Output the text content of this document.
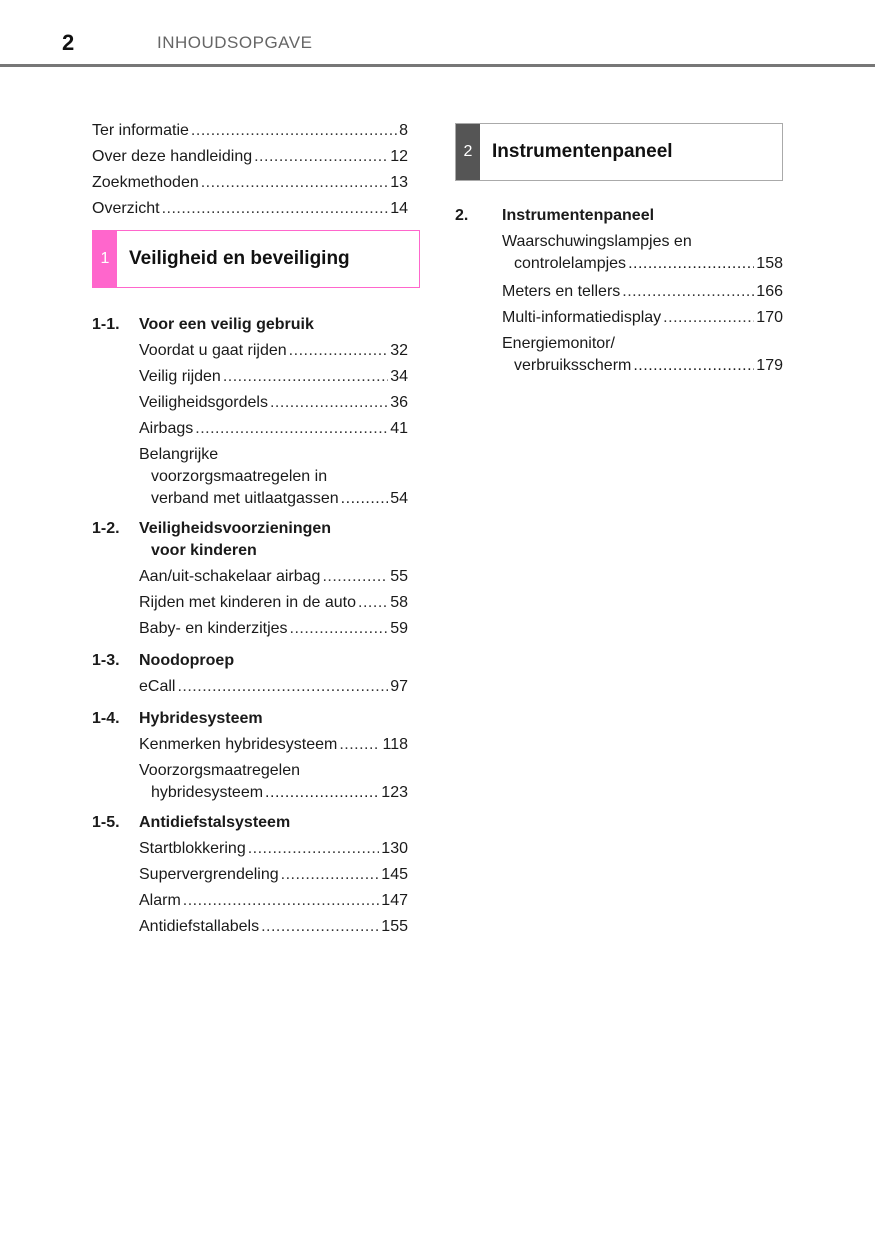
2	INHOUDSOPGAVE
Ter informatie .....	8
Over deze handleiding .....	12
Zoekmethoden .....	13
Overzicht .....	14
1	Veiligheid en beveiliging
1-1.	Voor een veilig gebruik
Voordat u gaat rijden .....	32
Veilig rijden .....	34
Veiligheidsgordels .....	36
Airbags .....	41
Belangrijke
voorzorgsmaatregelen in
verband met uitlaatgassen .....	54
1-2.	Veiligheidsvoorzieningen
voor kinderen
Aan/uit-schakelaar airbag .....	55
Rijden met kinderen in de auto ..... 58
Baby- en kinderzitjes .....	59
1-3.	Noodoproep
eCall .....	97
1-4.	Hybridesysteem
Kenmerken hybridesysteem .....	118
Voorzorgsmaatregelen
hybridesysteem .....	123
1-5.	Antidiefstalsysteem
Startblokkering .....	130
Supervergrendeling .....	145
Alarm .....	147
Antidiefstallabels .....	155
2	Instrumentenpaneel
2.	Instrumentenpaneel
Waarschuwingslampjes en
controlelampjes .....	158
Meters en tellers .....	166
Multi-informatiedisplay .....	170
Energiemonitor/
verbruiksscherm .....	179
